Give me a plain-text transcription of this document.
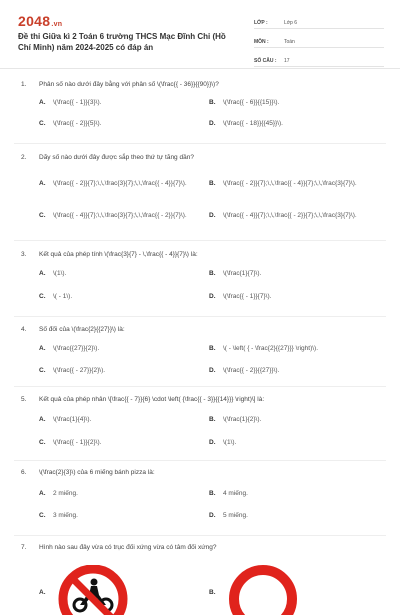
2048.vn
Đề thi Giữa kì 2 Toán 6 trường THCS Mạc Đĩnh Chi (Hồ Chí Minh) năm 2024-2025 có đáp án
LỚP :	Lớp 6
MÔN :	Toán
SỐ CÂU :	17
1.	Phân số nào dưới đây bằng với phân số \(\frac{{ - 36}}{{90}}\)?
A.	\(\frac{{ - 1}}{3}\).	B.	\(\frac{{ - 6}}{{15}}\).
C.	\(\frac{{ - 2}}{5}\).	D.	\(\frac{{ - 18}}{{45}}\).
2.	Dãy số nào dưới đây được sắp theo thứ tự tăng dần?
A.	\(\frac{{ - 2}}{7};\,\,\frac{3}{7};\,\,\frac{{ - 4}}{7}\).	B.	\(\frac{{ - 2}}{7};\,\,\frac{{ - 4}}{7};\,\,\frac{3}{7}\).
C.	\(\frac{{ - 4}}{7};\,\,\frac{3}{7};\,\,\frac{{ - 2}}{7}\).	D.	\(\frac{{ - 4}}{7};\,\,\frac{{ - 2}}{7};\,\,\frac{3}{7}\).
3.	Kết quả của phép tính \(\frac{3}{7} - \,\frac{{ - 4}}{7}\) là:
A.	\(1\).	B.	\(\frac{1}{7}\).
C.	\( - 1\).	D.	\(\frac{{ - 1}}{7}\).
4.	Số đối của \(\frac{2}{{27}}\) là:
A.	\(\frac{{27}}{2}\).	B.	\( - \left( { - \frac{2}{{27}}} \right)\).
C.	\(\frac{{ - 27}}{2}\).	D.	\(\frac{{ - 2}}{{27}}\).
5.	Kết quả của phép nhân \[\frac{{ - 7}}{6} \cdot \left( {\frac{{ - 3}}{{14}}} \right)\] là:
A.	\(\frac{1}{4}\).	B.	\(\frac{1}{2}\).
C.	\(\frac{{ - 1}}{2}\).	D.	\(1\).
6.	\(\frac{2}{3}\) của 6 miếng bánh pizza là:
A.	2 miếng.	B.	4 miếng.
C.	3 miếng.	D.	5 miếng.
7.	Hình nào sau đây vừa có trục đối xứng vừa có tâm đối xứng?
A.	B.
